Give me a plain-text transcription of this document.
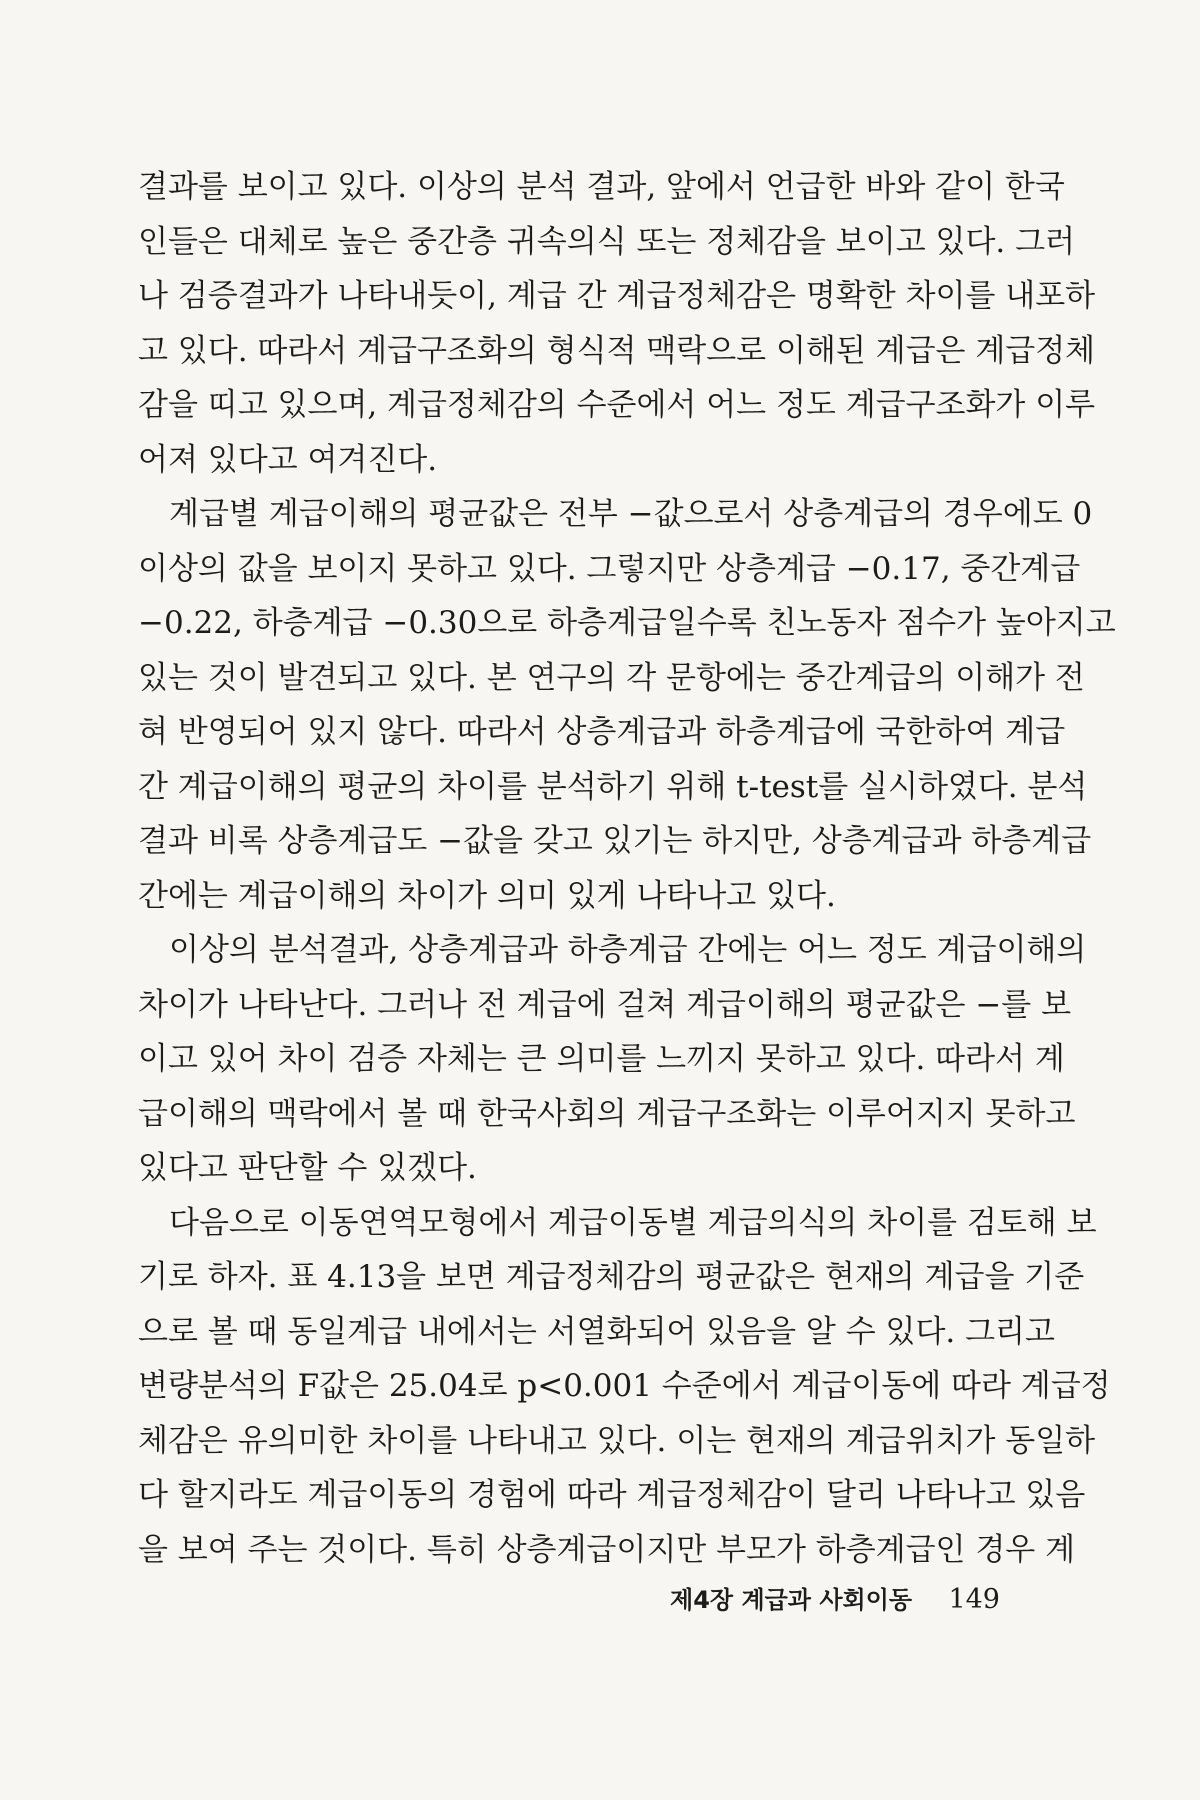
결과를 보이고 있다. 이상의 분석 결과, 앞에서 언급한 바와 같이 한국
인들은 대체로 높은 중간층 귀속의식 또는 정체감을 보이고 있다. 그러
나 검증결과가 나타내듯이, 계급 간 계급정체감은 명확한 차이를 내포하
고 있다. 따라서 계급구조화의 형식적 맥락으로 이해된 계급은 계급정체
감을 띠고 있으며, 계급정체감의 수준에서 어느 정도 계급구조화가 이루
어져 있다고 여겨진다.
계급별 계급이해의 평균값은 전부 −값으로서 상층계급의 경우에도 0
이상의 값을 보이지 못하고 있다. 그렇지만 상층계급 −0.17, 중간계급
−0.22, 하층계급 −0.30으로 하층계급일수록 친노동자 점수가 높아지고
있는 것이 발견되고 있다. 본 연구의 각 문항에는 중간계급의 이해가 전
혀 반영되어 있지 않다. 따라서 상층계급과 하층계급에 국한하여 계급
간 계급이해의 평균의 차이를 분석하기 위해 t-test를 실시하였다. 분석
결과 비록 상층계급도 −값을 갖고 있기는 하지만, 상층계급과 하층계급
간에는 계급이해의 차이가 의미 있게 나타나고 있다.
이상의 분석결과, 상층계급과 하층계급 간에는 어느 정도 계급이해의
차이가 나타난다. 그러나 전 계급에 걸쳐 계급이해의 평균값은 −를 보
이고 있어 차이 검증 자체는 큰 의미를 느끼지 못하고 있다. 따라서 계
급이해의 맥락에서 볼 때 한국사회의 계급구조화는 이루어지지 못하고
있다고 판단할 수 있겠다.
다음으로 이동연역모형에서 계급이동별 계급의식의 차이를 검토해 보
기로 하자. 표 4.13을 보면 계급정체감의 평균값은 현재의 계급을 기준
으로 볼 때 동일계급 내에서는 서열화되어 있음을 알 수 있다. 그리고
변량분석의 F값은 25.04로 p<0.001 수준에서 계급이동에 따라 계급정
체감은 유의미한 차이를 나타내고 있다. 이는 현재의 계급위치가 동일하
다 할지라도 계급이동의 경험에 따라 계급정체감이 달리 나타나고 있음
을 보여 주는 것이다. 특히 상층계급이지만 부모가 하층계급인 경우 계
제4장 계급과 사회이동 149
